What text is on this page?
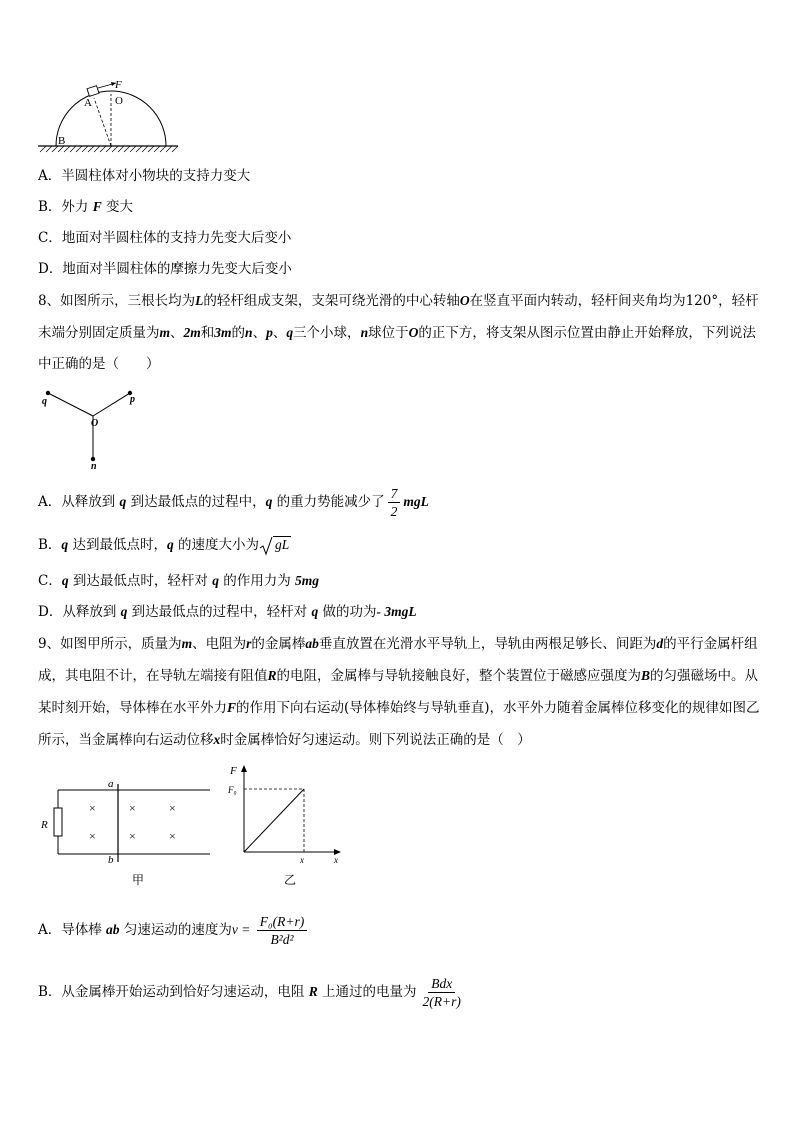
F
A O
B
A．半圆柱体对小物块的支持力变大
B．外力 F 变大
C．地面对半圆柱体的支持力先变大后变小
D．地面对半圆柱体的摩擦力先变大后变小
8、如图所示，三根长均为L的轻杆组成支架，支架可绕光滑的中心转轴O在竖直平面内转动，轻杆间夹角均为120°，轻杆末端分别固定质量为m、2m和3m的n、p、q三个小球，n球位于O的正下方，将支架从图示位置由静止开始释放，下列说法中正确的是（　　）
q	p
O
n
A．从释放到 q 到达最低点的过程中，q 的重力势能减少了 $\frac{7}{2}$ mgL
B．q 达到最低点时，q 的速度大小为 gL
C．q 到达最低点时，轻杆对 q 的作用力为 5mg
D．从释放到 q 到达最低点的过程中，轻杆对 q 做的功为- 3mgL
9、如图甲所示，质量为m、电阻为r的金属棒ab垂直放置在光滑水平导轨上，导轨由两根足够长、间距为d的平行金属杆组成，其电阻不计，在导轨左端接有阻值R的电阻，金属棒与导轨接触良好，整个装置位于磁感应强度为B的匀强磁场中。从某时刻开始，导体棒在水平外力F的作用下向右运动(导体棒始终与导轨垂直)，水平外力随着金属棒位移变化的规律如图乙所示，当金属棒向右运动位移x时金属棒恰好匀速运动。则下列说法正确的是（　）
R
a
b
×	×	×
×	×	×
甲
F
F₀
x	x
乙
A．导体棒 ab 匀速运动的速度为$v = \frac{\text{F₀(R+r)}}{\text{B²d²}}$
B．从金属棒开始运动到恰好匀速运动，电阻 R 上通过的电量为 $\frac{\text{Bdx}}{2(R+r)}$
